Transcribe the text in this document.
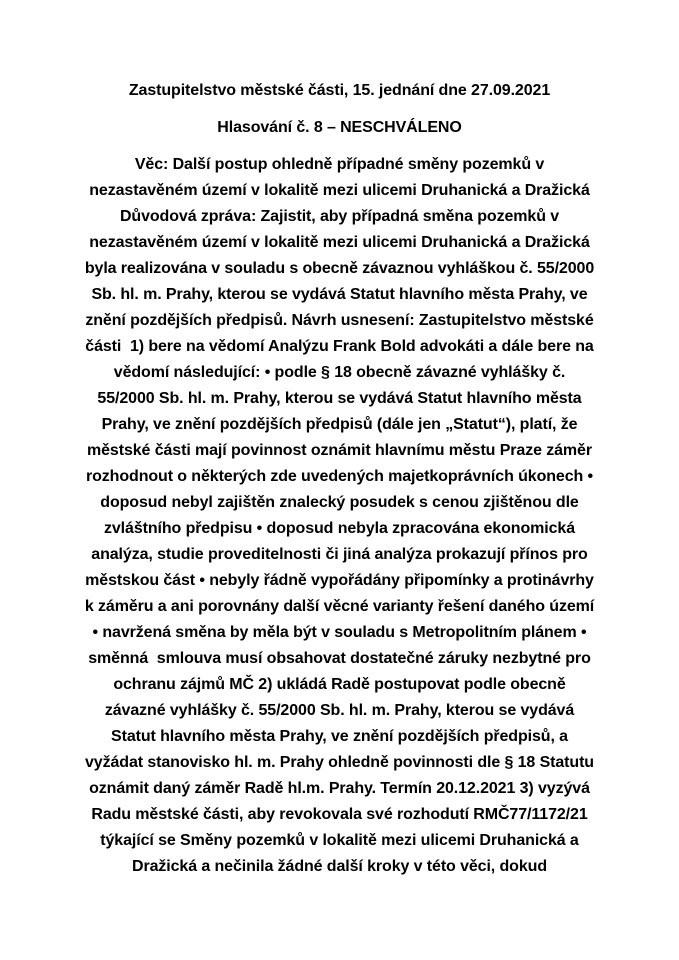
Zastupitelstvo městské části, 15. jednání dne 27.09.2021
Hlasování č. 8 – NESCHVÁLENO

Věc: Další postup ohledně případné směny pozemků v
nezastavěném území v lokalitě mezi ulicemi Druhanická a Dražická
Důvodová zpráva: Zajistit, aby případná směna pozemků v
nezastavěném území v lokalitě mezi ulicemi Druhanická a Dražická
byla realizována v souladu s obecně závaznou vyhláškou č. 55/2000
Sb. hl. m. Prahy, kterou se vydává Statut hlavního města Prahy, ve
znění pozdějších předpisů. Návrh usnesení: Zastupitelstvo městské
části  1) bere na vědomí Analýzu Frank Bold advokáti a dále bere na
vědomí následující: • podle § 18 obecně závazné vyhlášky č.
55/2000 Sb. hl. m. Prahy, kterou se vydává Statut hlavního města
Prahy, ve znění pozdějších předpisů (dále jen „Statut“), platí, že
městské části mají povinnost oznámit hlavnímu městu Praze záměr
rozhodnout o některých zde uvedených majetkoprávních úkonech •
doposud nebyl zajištěn znalecký posudek s cenou zjištěnou dle
zvláštního předpisu • doposud nebyla zpracována ekonomická
analýza, studie proveditelnosti či jiná analýza prokazují přínos pro
městskou část • nebyly řádně vypořádány připomínky a protinávrhy
k záměru a ani porovnány další věcné varianty řešení daného území
• navržená směna by měla být v souladu s Metropolitním plánem •
směnná  smlouva musí obsahovat dostatečné záruky nezbytné pro
ochranu zájmů MČ 2) ukládá Radě postupovat podle obecně
závazné vyhlášky č. 55/2000 Sb. hl. m. Prahy, kterou se vydává
Statut hlavního města Prahy, ve znění pozdějších předpisů, a
vyžádat stanovisko hl. m. Prahy ohledně povinnosti dle § 18 Statutu
oznámit daný záměr Radě hl.m. Prahy. Termín 20.12.2021 3) vyzývá
Radu městské části, aby revokovala své rozhodutí RMČ77/1172/21
týkající se Směny pozemků v lokalitě mezi ulicemi Druhanická a
Dražická a nečinila žádné další kroky v této věci, dokud
